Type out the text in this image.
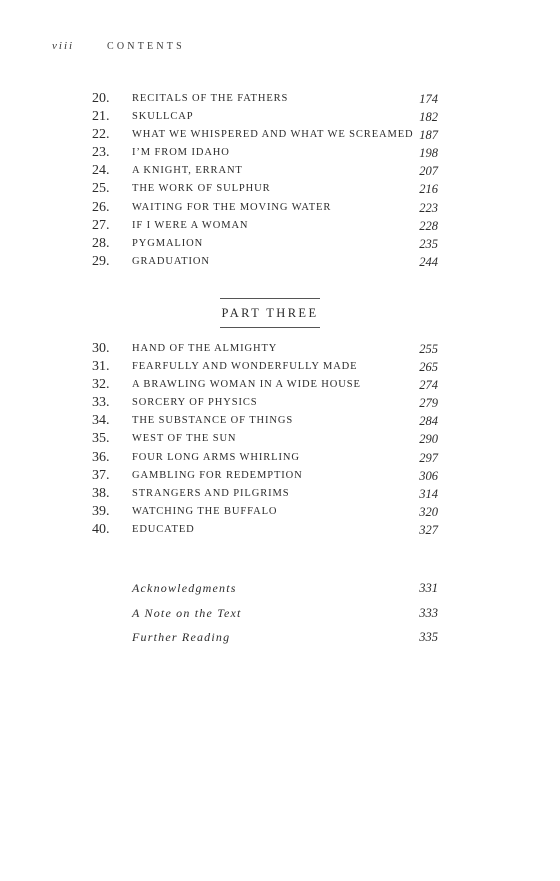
viii	CONTENTS
20. RECITALS OF THE FATHERS	174
21. SKULLCAP	182
22. WHAT WE WHISPERED AND WHAT WE SCREAMED 187
23. I’M FROM IDAHO	198
24. A KNIGHT, ERRANT	207
25. THE WORK OF SULPHUR	216
26. WAITING FOR THE MOVING WATER	223
27. IF I WERE A WOMAN	228
28. PYGMALION	235
29. GRADUATION	244
PART THREE
30. HAND OF THE ALMIGHTY	255
31. FEARFULLY AND WONDERFULLY MADE	265
32. A BRAWLING WOMAN IN A WIDE HOUSE	274
33. SORCERY OF PHYSICS	279
34. THE SUBSTANCE OF THINGS	284
35. WEST OF THE SUN	290
36. FOUR LONG ARMS WHIRLING	297
37. GAMBLING FOR REDEMPTION	306
38. STRANGERS AND PILGRIMS	314
39. WATCHING THE BUFFALO	320
40. EDUCATED	327
Acknowledgments	331
A Note on the Text	333
Further Reading	335
